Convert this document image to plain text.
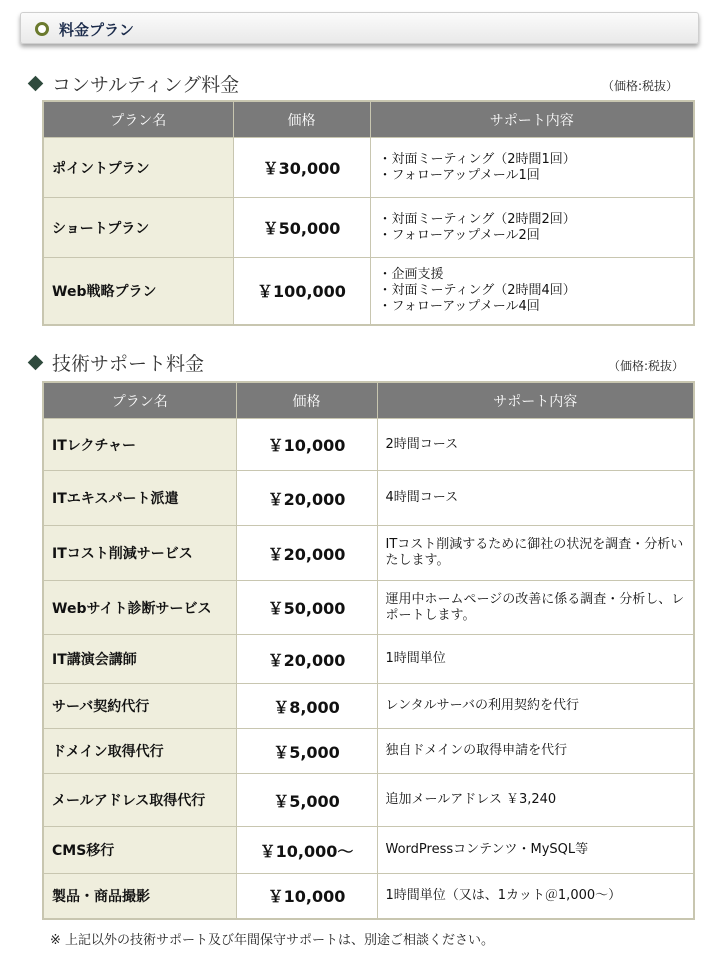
料金プラン
コンサルティング料金	（価格:税抜）
プラン名	価格	サポート内容
ポイントプラン	￥30,000	・対面ミーティング（2時間1回）
・フォローアップメール1回

ショートプラン	￥50,000	・対面ミーティング（2時間2回）
・フォローアップメール2回

Web戦略プラン	￥100,000	・企画支援
・対面ミーティング（2時間4回）
・フォローアップメール4回
技術サポート料金	（価格:税抜）
プラン名	価格	サポート内容
ITレクチャー	￥10,000	2時間コース
ITエキスパート派遣	￥20,000	4時間コース
ITコスト削減サービス	￥20,000	ITコスト削減するために御社の状況を調査・分析いたします。
Webサイト診断サービス	￥50,000	運用中ホームページの改善に係る調査・分析し、レポートします。
IT講演会講師	￥20,000	1時間単位
サーバ契約代行	￥8,000	レンタルサーバの利用契約を代行
ドメイン取得代行	￥5,000	独自ドメインの取得申請を代行
メールアドレス取得代行	￥5,000	追加メールアドレス ￥3,240
CMS移行	￥10,000～	WordPressコンテンツ・MySQL等
製品・商品撮影	￥10,000	1時間単位（又は、1カット＠1,000～）
※ 上記以外の技術サポート及び年間保守サポートは、別途ご相談ください。
